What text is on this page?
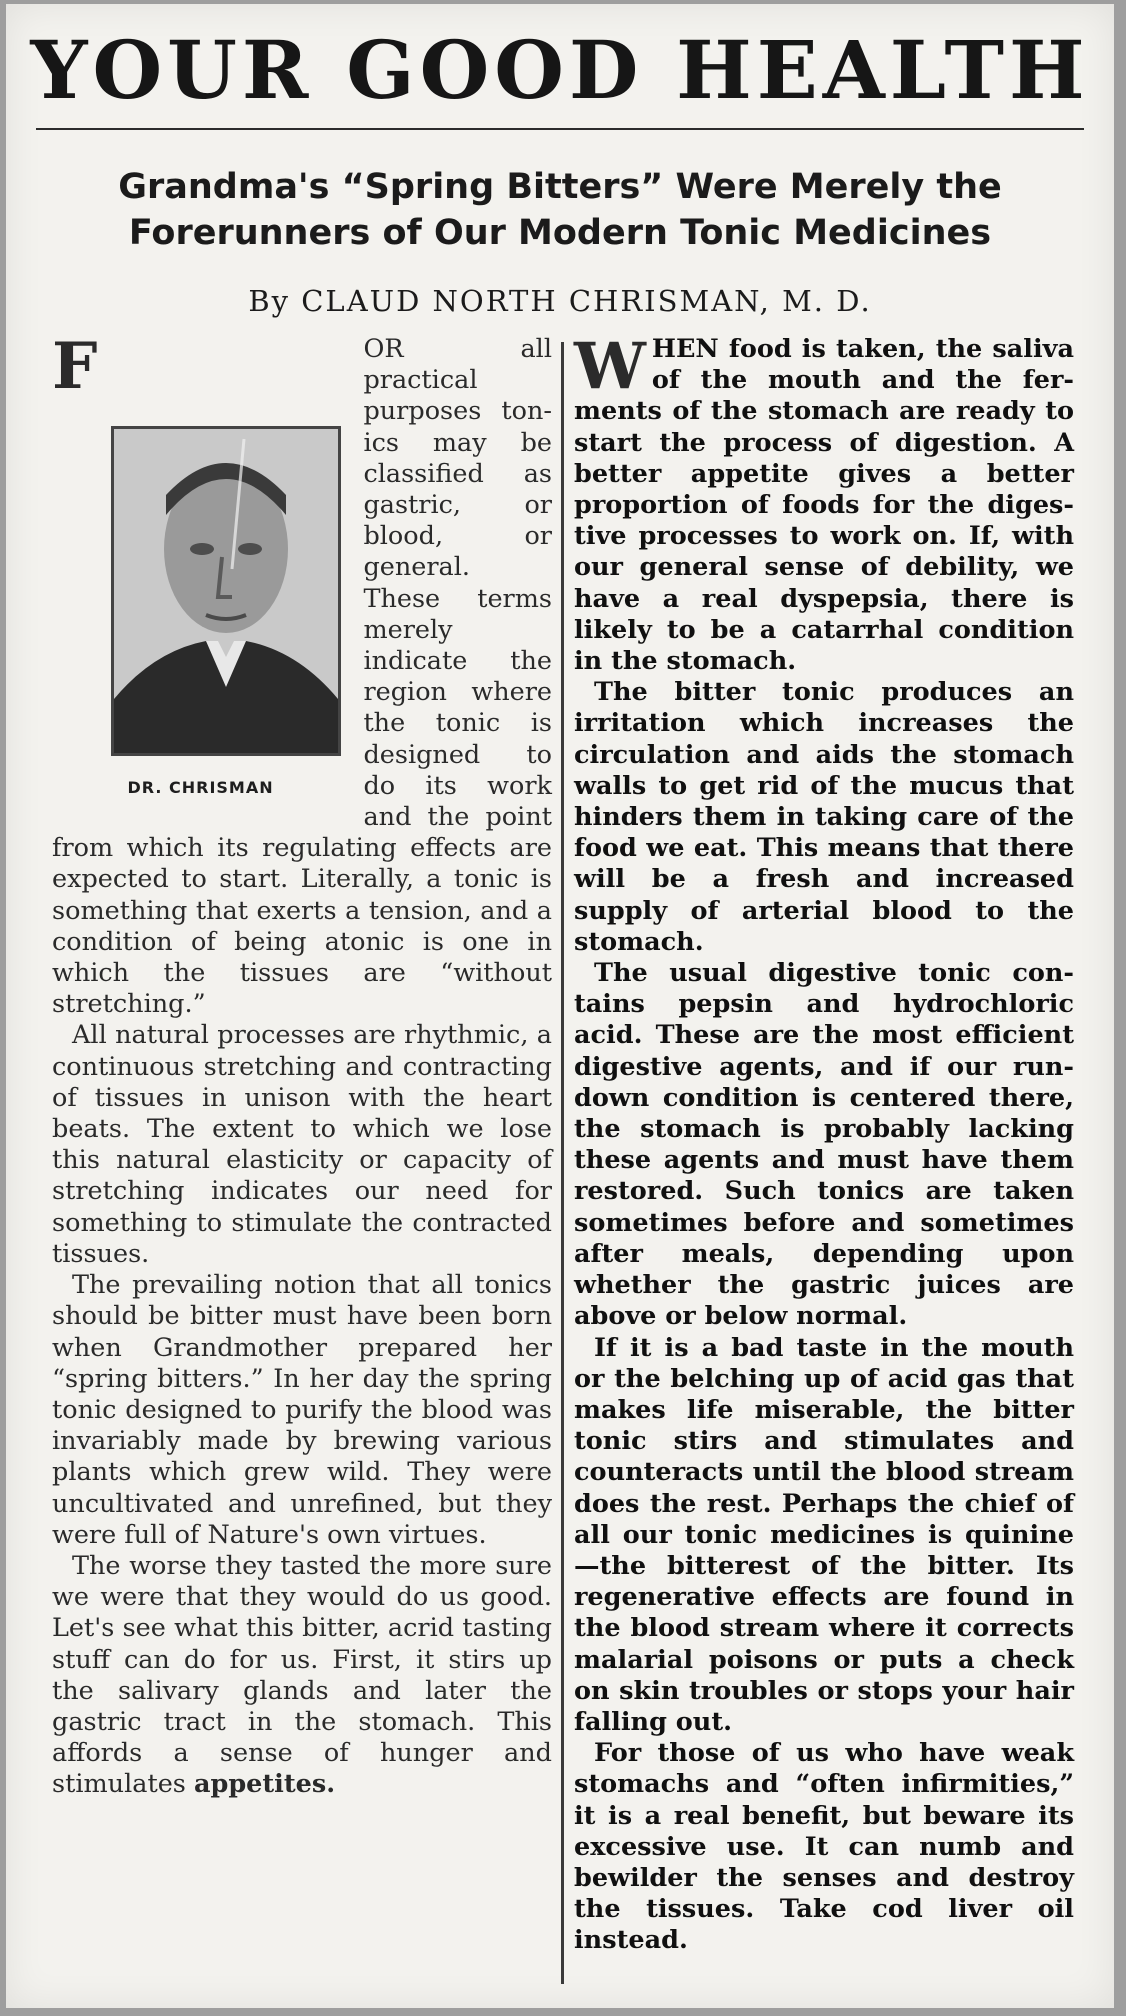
YOUR GOOD HEALTH
Grandma's “Spring Bitters” Were Merely the
Forerunners of Our Modern Tonic Medicines
By CLAUD NORTH CHRISMAN, M. D.

F
DR. CHRISMAN
OR all practical purposes tonics may be classified as gastric, or blood, or general. These terms merely indicate the region where the tonic is designed to do its work and the point from which its regulating effects are expected to start. Literally, a tonic is something that exerts a tension, and a condition of being atonic is one in which the tissues are “without stretching.”

All natural processes are rhythmic, a continuous stretching and contracting of tissues in unison with the heart beats. The extent to which we lose this natural elasticity or capacity of stretching indicates our need for something to stimulate the contracted tissues.

The prevailing notion that all tonics should be bitter must have been born when Grandmother prepared her “spring bitters.” In her day the spring tonic designed to purify the blood was invariably made by brewing various plants which grew wild. They were uncultivated and unrefined, but they were full of Nature's own virtues.

The worse they tasted the more sure we were that they would do us good. Let's see what this bitter, acrid tasting stuff can do for us. First, it stirs up the salivary glands and later the gastric tract in the stomach. This affords a sense of hunger and stimulates appetites.

W HEN food is taken, the saliva of the mouth and the ferments of the stomach are ready to start the process of digestion. A better appetite gives a better proportion of foods for the digestive processes to work on. If, with our general sense of debility, we have a real dyspepsia, there is likely to be a catarrhal condition in the stomach.

The bitter tonic produces an irritation which increases the circulation and aids the stomach walls to get rid of the mucus that hinders them in taking care of the food we eat. This means that there will be a fresh and increased supply of arterial blood to the stomach.

The usual digestive tonic contains pepsin and hydrochloric acid. These are the most efficient digestive agents, and if our rundown condition is centered there, the stomach is probably lacking these agents and must have them restored. Such tonics are taken sometimes before and sometimes after meals, depending upon whether the gastric juices are above or below normal.

If it is a bad taste in the mouth or the belching up of acid gas that makes life miserable, the bitter tonic stirs and stimulates and counteracts until the blood stream does the rest. Perhaps the chief of all our tonic medicines is quinine—the bitterest of the bitter. Its regenerative effects are found in the blood stream where it corrects malarial poisons or puts a check on skin troubles or stops your hair falling out.

For those of us who have weak stomachs and “often infirmities,” it is a real benefit, but beware its excessive use. It can numb and bewilder the senses and destroy the tissues. Take cod liver oil instead.
